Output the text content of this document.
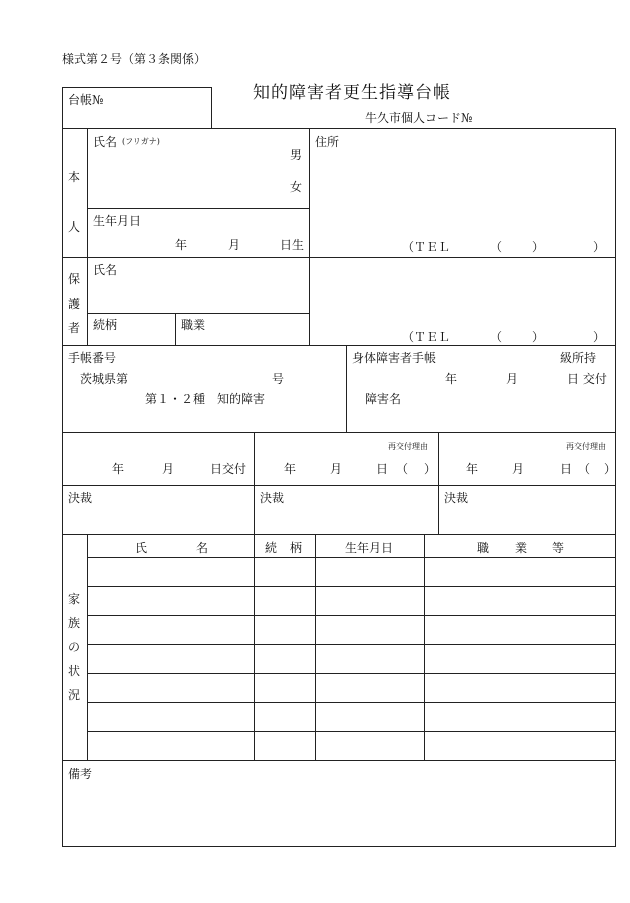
様式第２号（第３条関係）
知的障害者更生指導台帳
牛久市個人コード№
台帳№
本
人
氏名 (フリガナ)
男
女
生年月日
年	月	日生
住所
（ＴＥＬ	（ ）	）
保
護
者
氏名
続柄	職業
（ＴＥＬ	（ ）	）
手帳番号
茨城県第	号
第１・２種　知的障害
身体障害者手帳	級所持
年	月	日 交付
障害名
年	月	日交付
再交付理由
年	月	日 （ ）
再交付理由
年	月	日 （ ）
決裁	決裁	決裁
家
族
の
状
況
氏	名	続 柄	生年月日	職 業 等
備考
